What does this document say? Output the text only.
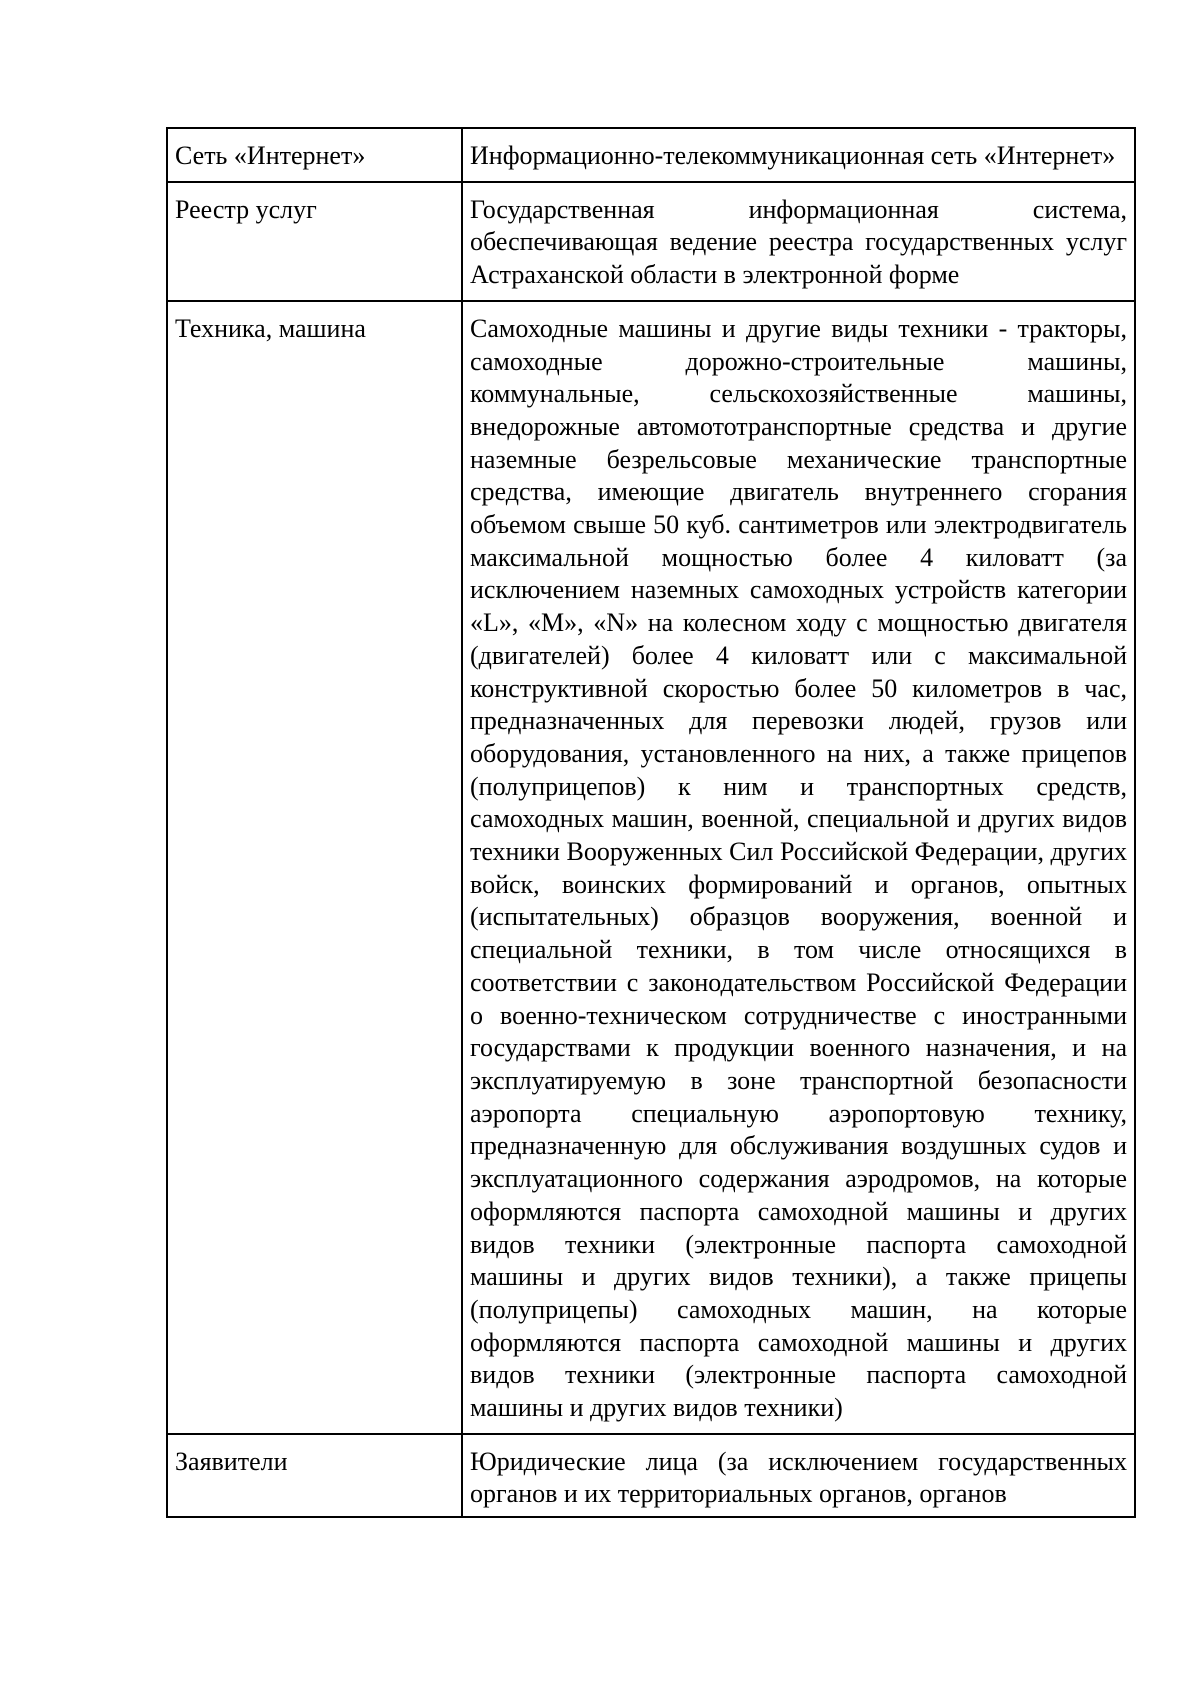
Сеть «Интернет»	Информационно-телекоммуникационная сеть «Интернет»

Реестр услуг	Государственная информационная система, обеспечивающая ведение реестра государственных услуг Астраханской области в электронной форме

Техника, машина	Самоходные машины и другие виды техники - тракторы, самоходные дорожно-строительные машины, коммунальные, сельскохозяйственные машины, внедорожные автомототранспортные средства и другие наземные безрельсовые механические транспортные средства, имеющие двигатель внутреннего сгорания объемом свыше 50 куб. сантиметров или электродвигатель максимальной мощностью более 4 киловатт (за исключением наземных самоходных устройств категории «L», «M», «N» на колесном ходу с мощностью двигателя (двигателей) более 4 киловатт или с максимальной конструктивной скоростью более 50 километров в час, предназначенных для перевозки людей, грузов или оборудования, установленного на них, а также прицепов (полуприцепов) к ним и транспортных средств, самоходных машин, военной, специальной и других видов техники Вооруженных Сил Российской Федерации, других войск, воинских формирований и органов, опытных (испытательных) образцов вооружения, военной и специальной техники, в том числе относящихся в соответствии с законодательством Российской Федерации о военно-техническом сотрудничестве с иностранными государствами к продукции военного назначения, и на эксплуатируемую в зоне транспортной безопасности аэропорта специальную аэропортовую технику, предназначенную для обслуживания воздушных судов и эксплуатационного содержания аэродромов, на которые оформляются паспорта самоходной машины и других видов техники (электронные паспорта самоходной машины и других видов техники), а также прицепы (полуприцепы) самоходных машин, на которые оформляются паспорта самоходной машины и других видов техники (электронные паспорта самоходной машины и других видов техники)

Заявители	Юридические лица (за исключением государственных органов и их территориальных органов, органов
